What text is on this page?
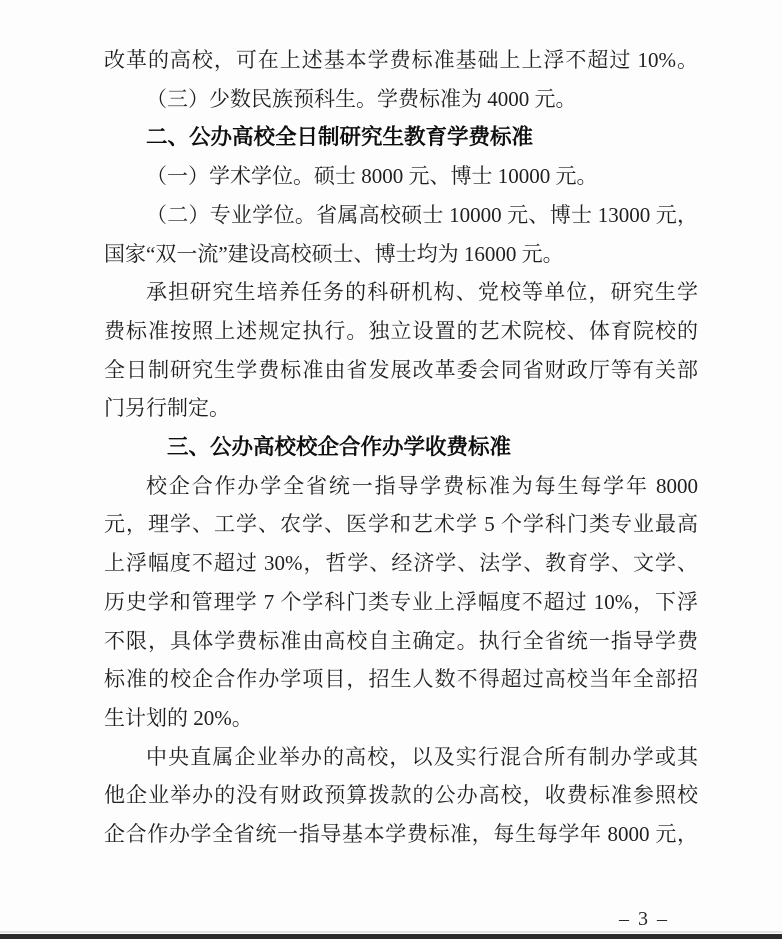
改革的高校，可在上述基本学费标准基础上上浮不超过 10%。
（三）少数民族预科生。学费标准为 4000 元。
二、公办高校全日制研究生教育学费标准
（一）学术学位。硕士 8000 元、博士 10000 元。
（二）专业学位。省属高校硕士 10000 元、博士 13000 元，
国家“双一流”建设高校硕士、博士均为 16000 元。
承担研究生培养任务的科研机构、党校等单位，研究生学
费标准按照上述规定执行。独立设置的艺术院校、体育院校的
全日制研究生学费标准由省发展改革委会同省财政厅等有关部
门另行制定。
三、公办高校校企合作办学收费标准
校企合作办学全省统一指导学费标准为每生每学年 8000
元，理学、工学、农学、医学和艺术学 5 个学科门类专业最高
上浮幅度不超过 30%，哲学、经济学、法学、教育学、文学、
历史学和管理学 7 个学科门类专业上浮幅度不超过 10%，下浮
不限，具体学费标准由高校自主确定。执行全省统一指导学费
标准的校企合作办学项目，招生人数不得超过高校当年全部招
生计划的 20%。
中央直属企业举办的高校，以及实行混合所有制办学或其
他企业举办的没有财政预算拨款的公办高校，收费标准参照校
企合作办学全省统一指导基本学费标准，每生每学年 8000 元，
– 3 –
